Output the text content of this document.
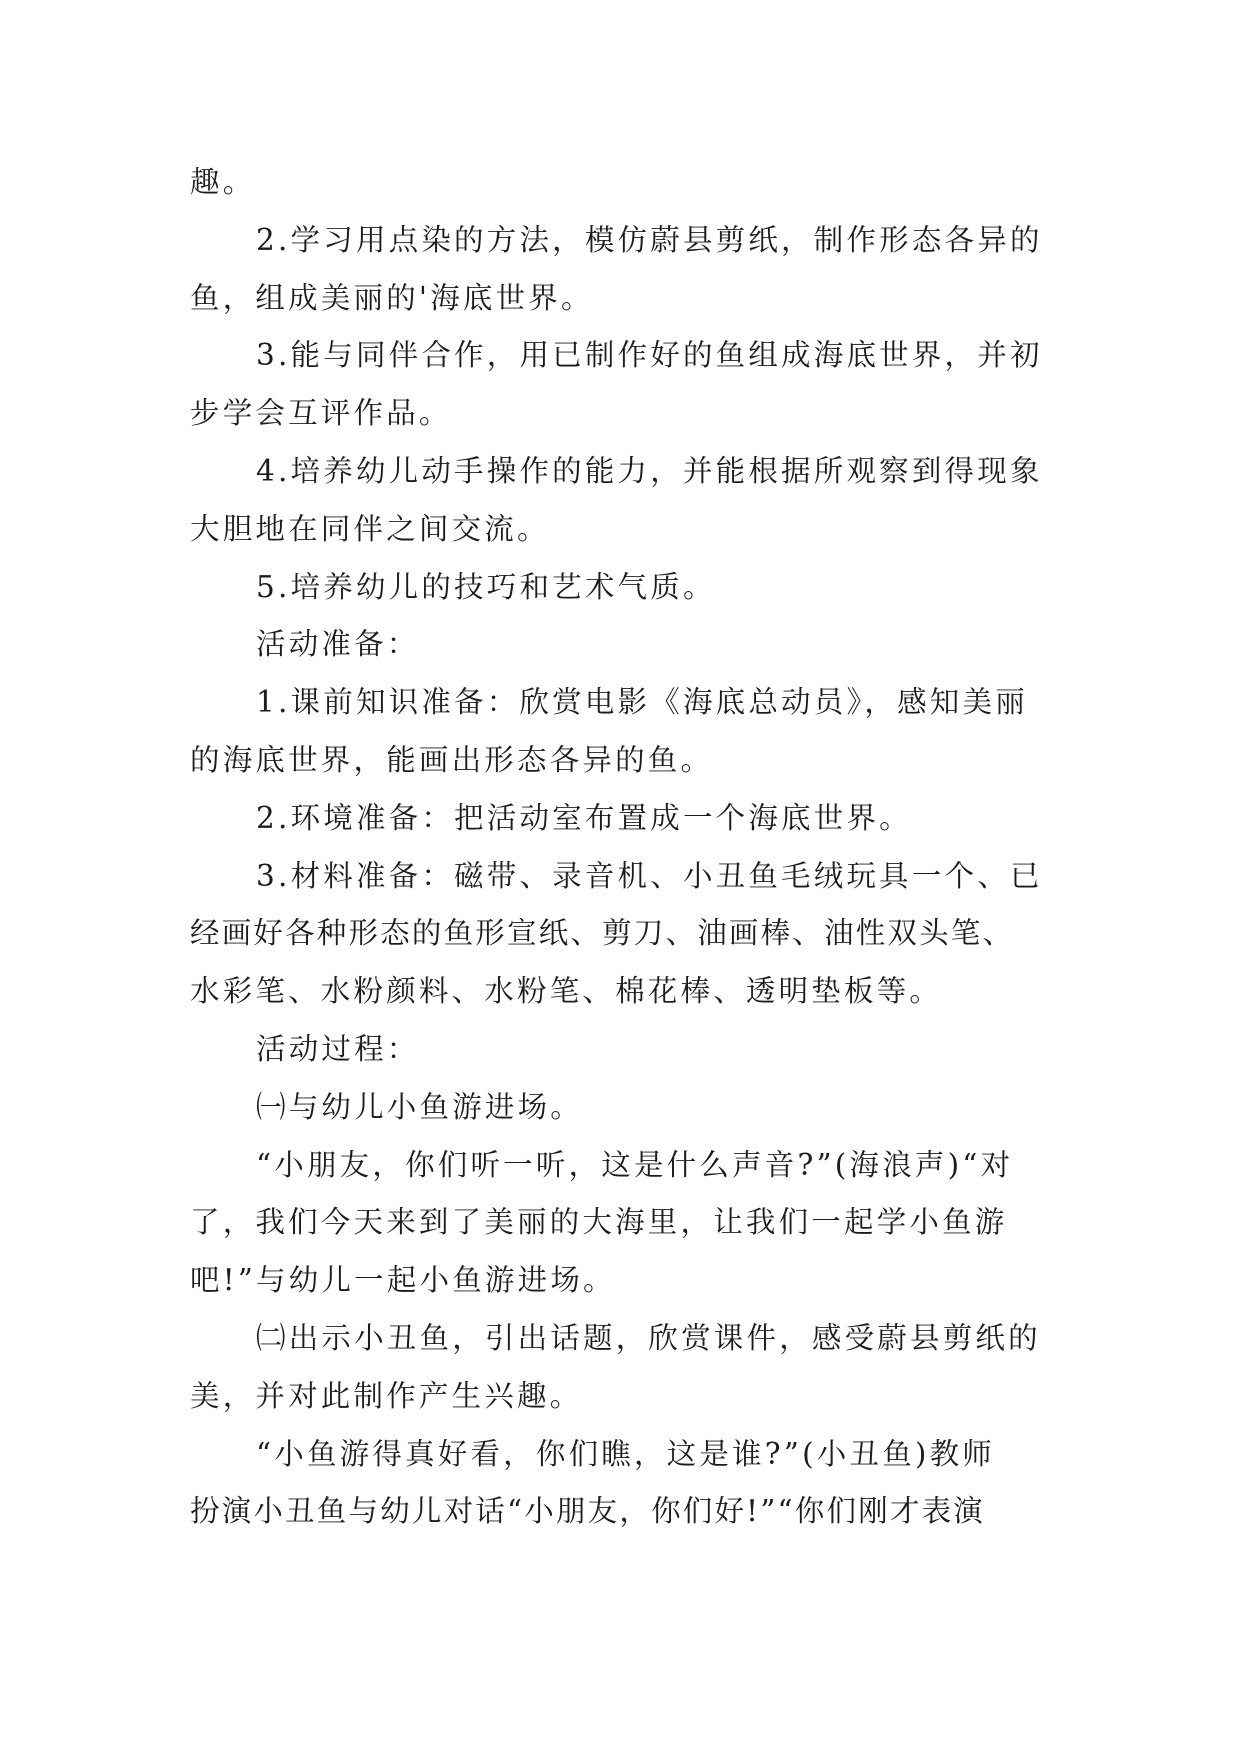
趣。

2.学习用点染的方法，模仿蔚县剪纸，制作形态各异的

鱼，组成美丽的'海底世界。

3.能与同伴合作，用已制作好的鱼组成海底世界，并初

步学会互评作品。

4.培养幼儿动手操作的能力，并能根据所观察到得现象

大胆地在同伴之间交流。

5.培养幼儿的技巧和艺术气质。

活动准备：

1.课前知识准备：欣赏电影《海底总动员》，感知美丽

的海底世界，能画出形态各异的鱼。

2.环境准备：把活动室布置成一个海底世界。

3.材料准备：磁带、录音机、小丑鱼毛绒玩具一个、已

经画好各种形态的鱼形宣纸、剪刀、油画棒、油性双头笔、

水彩笔、水粉颜料、水粉笔、棉花棒、透明垫板等。

活动过程：

㈠与幼儿小鱼游进场。

“小朋友，你们听一听，这是什么声音?”(海浪声)“对

了，我们今天来到了美丽的大海里，让我们一起学小鱼游

吧!”与幼儿一起小鱼游进场。

㈡出示小丑鱼，引出话题，欣赏课件，感受蔚县剪纸的

美，并对此制作产生兴趣。

“小鱼游得真好看，你们瞧，这是谁?”(小丑鱼)教师

扮演小丑鱼与幼儿对话“小朋友，你们好!”“你们刚才表演
